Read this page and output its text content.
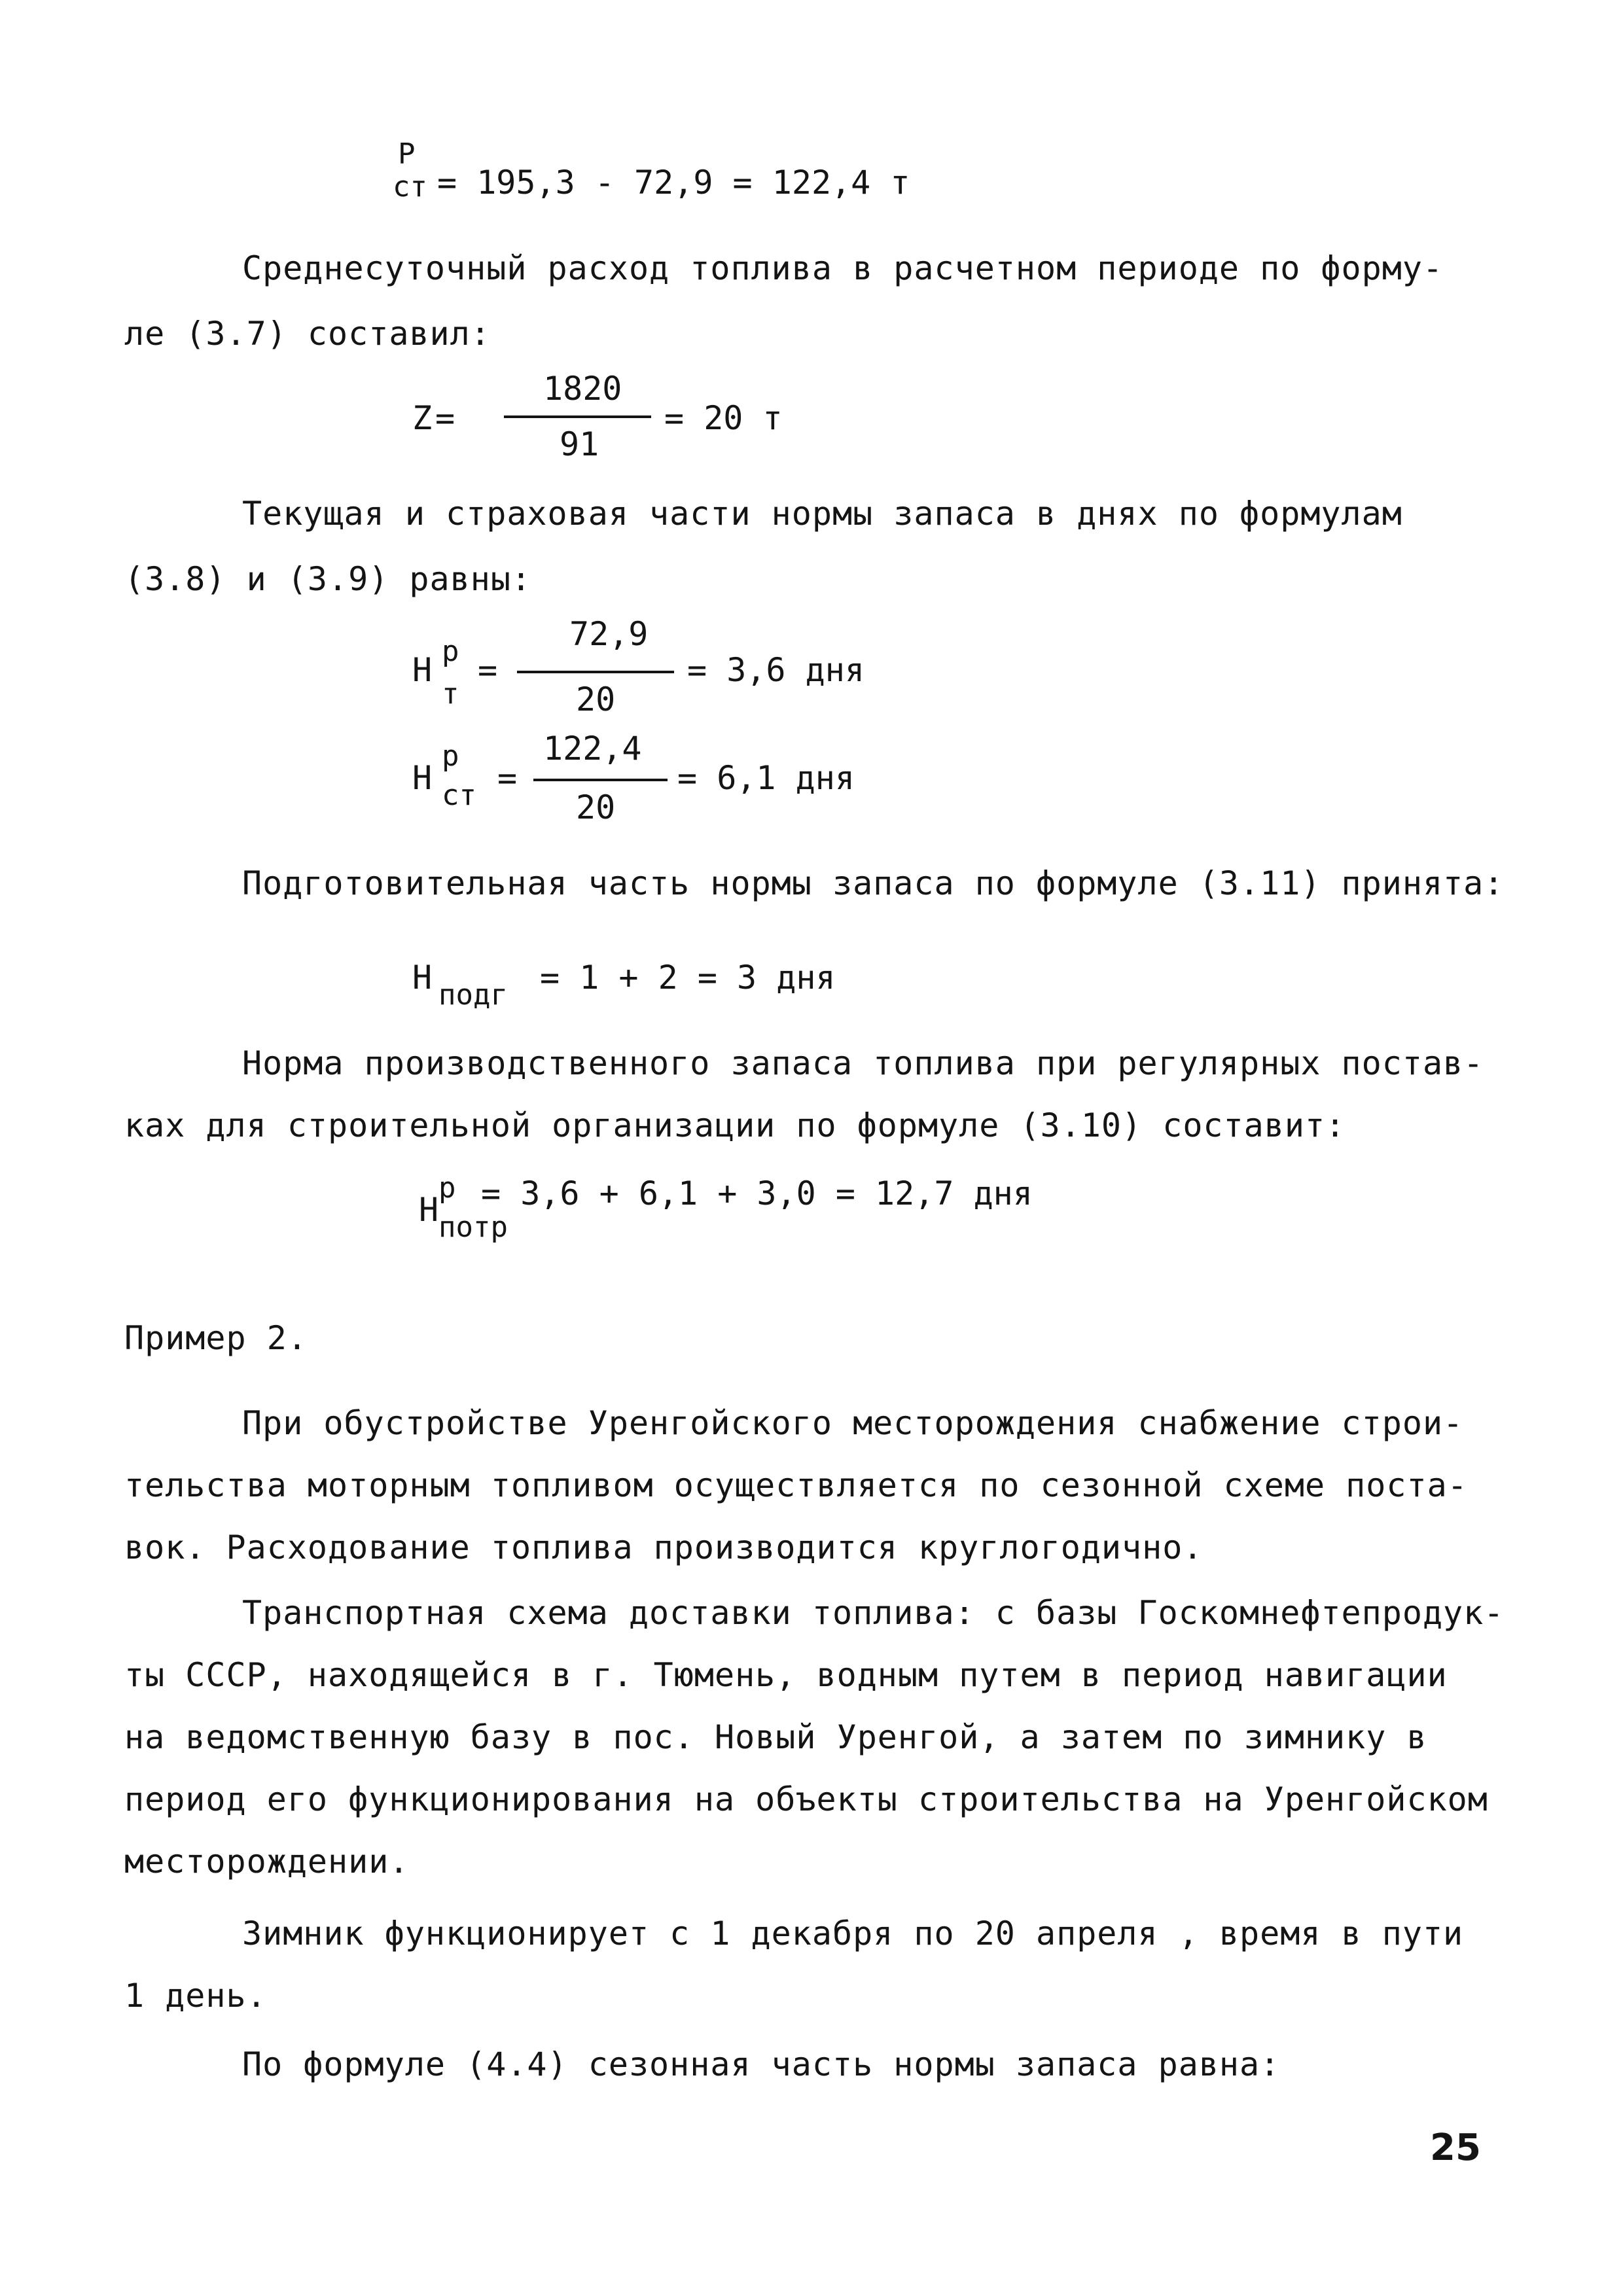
P
ст = 195,3 - 72,9 = 122,4 т
Среднесуточный расход топлива в расчетном периоде по форму-
ле (3.7) составил:
Z =
1820
91
= 20 т
Текущая и страховая части нормы запаса в днях по формулам
(3.8) и (3.9) равны:
Н р
т
=
72,9
20
= 3,6 дня
Н
р
ст =
122,4
20
= 6,1 дня
Подготовительная часть нормы запаса по формуле (3.11) принята:
Н подг = 1 + 2 = 3 дня
Норма производственного запаса топлива при регулярных постав-
ках для строительной организации по формуле (3.10) составит:
Н
р
потр
= 3,6 + 6,1 + 3,0 = 12,7 дня
Пример 2.
При обустройстве Уренгойского месторождения снабжение строи-
тельства моторным топливом осуществляется по сезонной схеме поста-
вок. Расходование топлива производится круглогодично.
Транспортная схема доставки топлива: с базы Госкомнефтепродук-
ты СССР, находящейся в г. Тюмень, водным путем в период навигации
на ведомственную базу в пос. Новый Уренгой, а затем по зимнику в
период его функционирования на объекты строительства на Уренгойском
месторождении.
Зимник функционирует с 1 декабря по 20 апреля , время в пути
1 день.
По формуле (4.4) сезонная часть нормы запаса равна:
25
